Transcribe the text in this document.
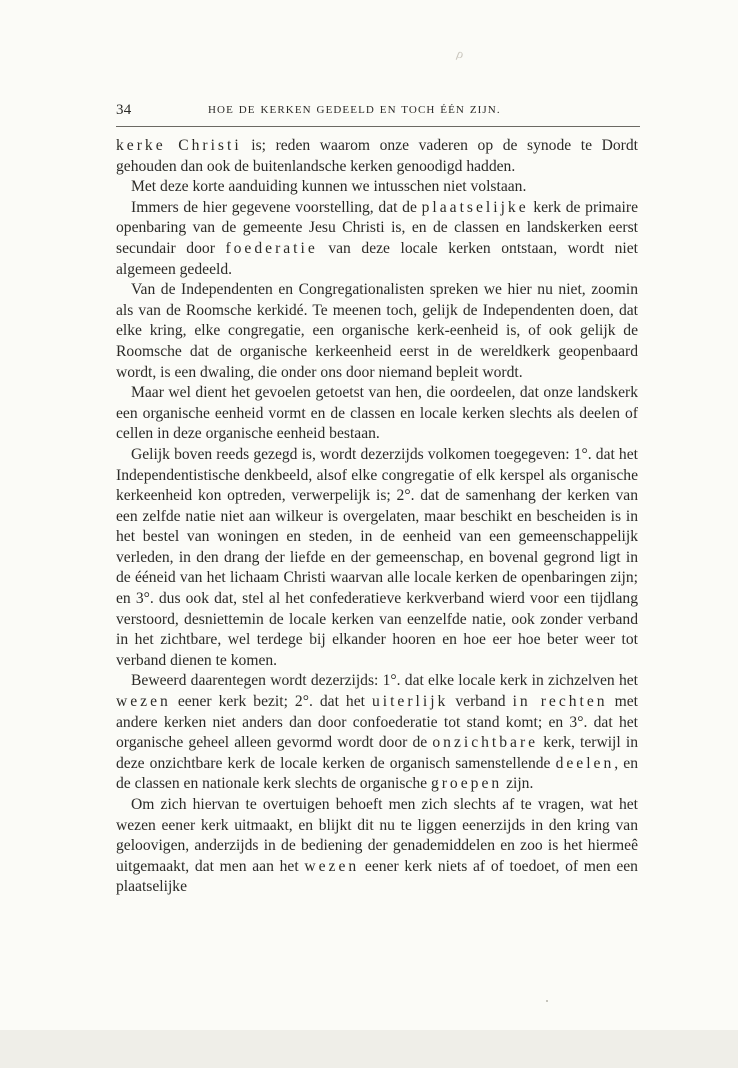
ρ
34	HOE DE KERKEN GEDEELD EN TOCH ÉÉN ZIJN.

kerke Christi is; reden waarom onze vaderen op de synode te Dordt gehouden dan ook de buitenlandsche kerken genoodigd hadden.

Met deze korte aanduiding kunnen we intusschen niet volstaan.

Immers de hier gegevene voorstelling, dat de plaatselijke kerk de primaire openbaring van de gemeente Jesu Christi is, en de classen en landskerken eerst secundair door foederatie van deze locale kerken ontstaan, wordt niet algemeen gedeeld.

Van de Independenten en Congregationalisten spreken we hier nu niet, zoomin als van de Roomsche kerkidé. Te meenen toch, gelijk de Independenten doen, dat elke kring, elke congregatie, een organische kerk-eenheid is, of ook gelijk de Roomsche dat de organische kerkeenheid eerst in de wereldkerk geopenbaard wordt, is een dwaling, die onder ons door niemand bepleit wordt.

Maar wel dient het gevoelen getoetst van hen, die oordeelen, dat onze landskerk een organische eenheid vormt en de classen en locale kerken slechts als deelen of cellen in deze organische eenheid bestaan.

Gelijk boven reeds gezegd is, wordt dezerzijds volkomen toegegeven: 1°. dat het Independentistische denkbeeld, alsof elke congregatie of elk kerspel als organische kerkeenheid kon optreden, verwerpelijk is; 2°. dat de samenhang der kerken van een zelfde natie niet aan wilkeur is overgelaten, maar beschikt en bescheiden is in het bestel van woningen en steden, in de eenheid van een gemeenschappelijk verleden, in den drang der liefde en der gemeenschap, en bovenal gegrond ligt in de ééneid van het lichaam Christi waarvan alle locale kerken de openbaringen zijn; en 3°. dus ook dat, stel al het confederatieve kerkverband wierd voor een tijdlang verstoord, desniettemin de locale kerken van eenzelfde natie, ook zonder verband in het zichtbare, wel terdege bij elkander hooren en hoe eer hoe beter weer tot verband dienen te komen.

Beweerd daarentegen wordt dezerzijds: 1°. dat elke locale kerk in zichzelven het wezen eener kerk bezit; 2°. dat het uiterlijk verband in rechten met andere kerken niet anders dan door confoederatie tot stand komt; en 3°. dat het organische geheel alleen gevormd wordt door de onzichtbare kerk, terwijl in deze onzichtbare kerk de locale kerken de organisch samenstellende deelen, en de classen en nationale kerk slechts de organische groepen zijn.

Om zich hiervan te overtuigen behoeft men zich slechts af te vragen, wat het wezen eener kerk uitmaakt, en blijkt dit nu te liggen eenerzijds in den kring van geloovigen, anderzijds in de bediening der genademiddelen en zoo is het hiermeê uitgemaakt, dat men aan het wezen eener kerk niets af of toedoet, of men een plaatselijke
